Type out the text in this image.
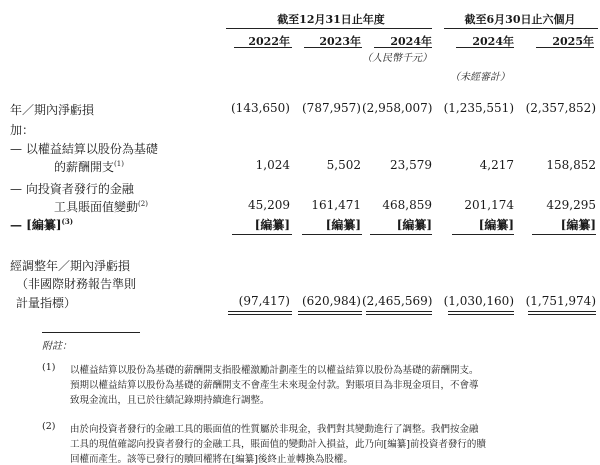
截至12月31日止年度	截至6月30日止六個月
2022年	2023年	2024年	2024年	2025年
（人民幣千元）
（未經審計）
年／期內淨虧損	(143,650)	(787,957) (2,958,007) (1,235,551) (2,357,852)
加：
— 以權益結算以股份為基礎
的薪酬開支$^{(1)}$	1,024	5,502	23,579	4,217	158,852
— 向投資者發行的金融
工具賬面值變動$^{(2)}$	45,209	161,471	468,859	201,174	429,295
— [編纂]$^{(3)}$	[編纂]	[編纂]	[編纂]	[編纂]	[編纂]
經調整年／期內淨虧損
（非國際財務報告準則
計量指標）	(97,417)	(620,984) (2,465,569) (1,030,160) (1,751,974)
附註：
(1) 以權益結算以股份為基礎的薪酬開支指股權激勵計劃產生的以權益結算以股份為基礎的薪酬開支。
預期以權益結算以股份為基礎的薪酬開支不會產生未來現金付款。對賬項目為非現金項目，不會導
致現金流出，且已於往績記錄期持續進行調整。
(2) 由於向投資者發行的金融工具的賬面值的性質屬於非現金，我們對其變動進行了調整。我們按金融
工具的現值確認向投資者發行的金融工具，賬面值的變動計入損益，此乃向[編纂]前投資者發行的贖
回權而產生。該等已發行的贖回權將在[編纂]後終止並轉換為股權。
